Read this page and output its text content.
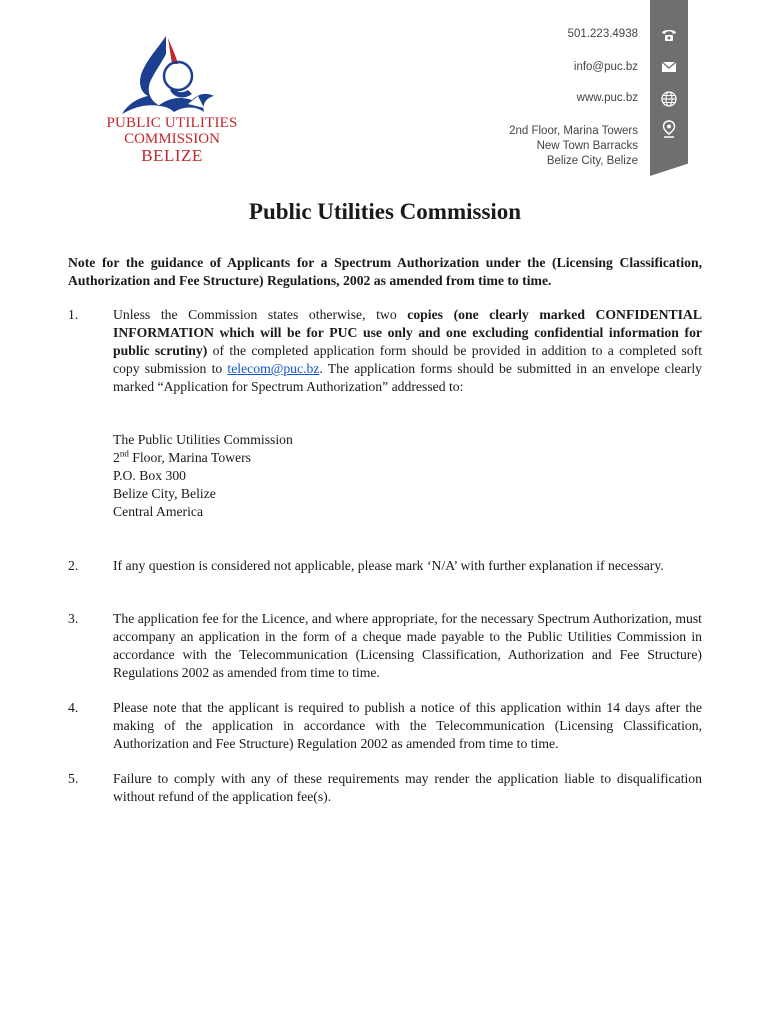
PUBLIC UTILITIES
COMMISSION
BELIZE
501.223.4938
info@puc.bz
www.puc.bz
2nd Floor, Marina Towers
New Town Barracks
Belize City, Belize
Public Utilities Commission
Note for the guidance of Applicants for a Spectrum Authorization under the (Licensing Classification, Authorization and Fee Structure) Regulations, 2002 as amended from time to time.
1.	Unless the Commission states otherwise, two copies (one clearly marked CONFIDENTIAL INFORMATION which will be for PUC use only and one excluding confidential information for public scrutiny) of the completed application form should be provided in addition to a completed soft copy submission to telecom@puc.bz. The application forms should be submitted in an envelope clearly marked “Application for Spectrum Authorization” addressed to:
The Public Utilities Commission
2nd Floor, Marina Towers
P.O. Box 300
Belize City, Belize
Central America
2.	If any question is considered not applicable, please mark ‘N/A’ with further explanation if necessary.
3.	The application fee for the Licence, and where appropriate, for the necessary Spectrum Authorization, must accompany an application in the form of a cheque made payable to the Public Utilities Commission in accordance with the Telecommunication (Licensing Classification, Authorization and Fee Structure) Regulations 2002 as amended from time to time.
4.	Please note that the applicant is required to publish a notice of this application within 14 days after the making of the application in accordance with the Telecommunication (Licensing Classification, Authorization and Fee Structure) Regulation 2002 as amended from time to time.
5.	Failure to comply with any of these requirements may render the application liable to disqualification without refund of the application fee(s).
